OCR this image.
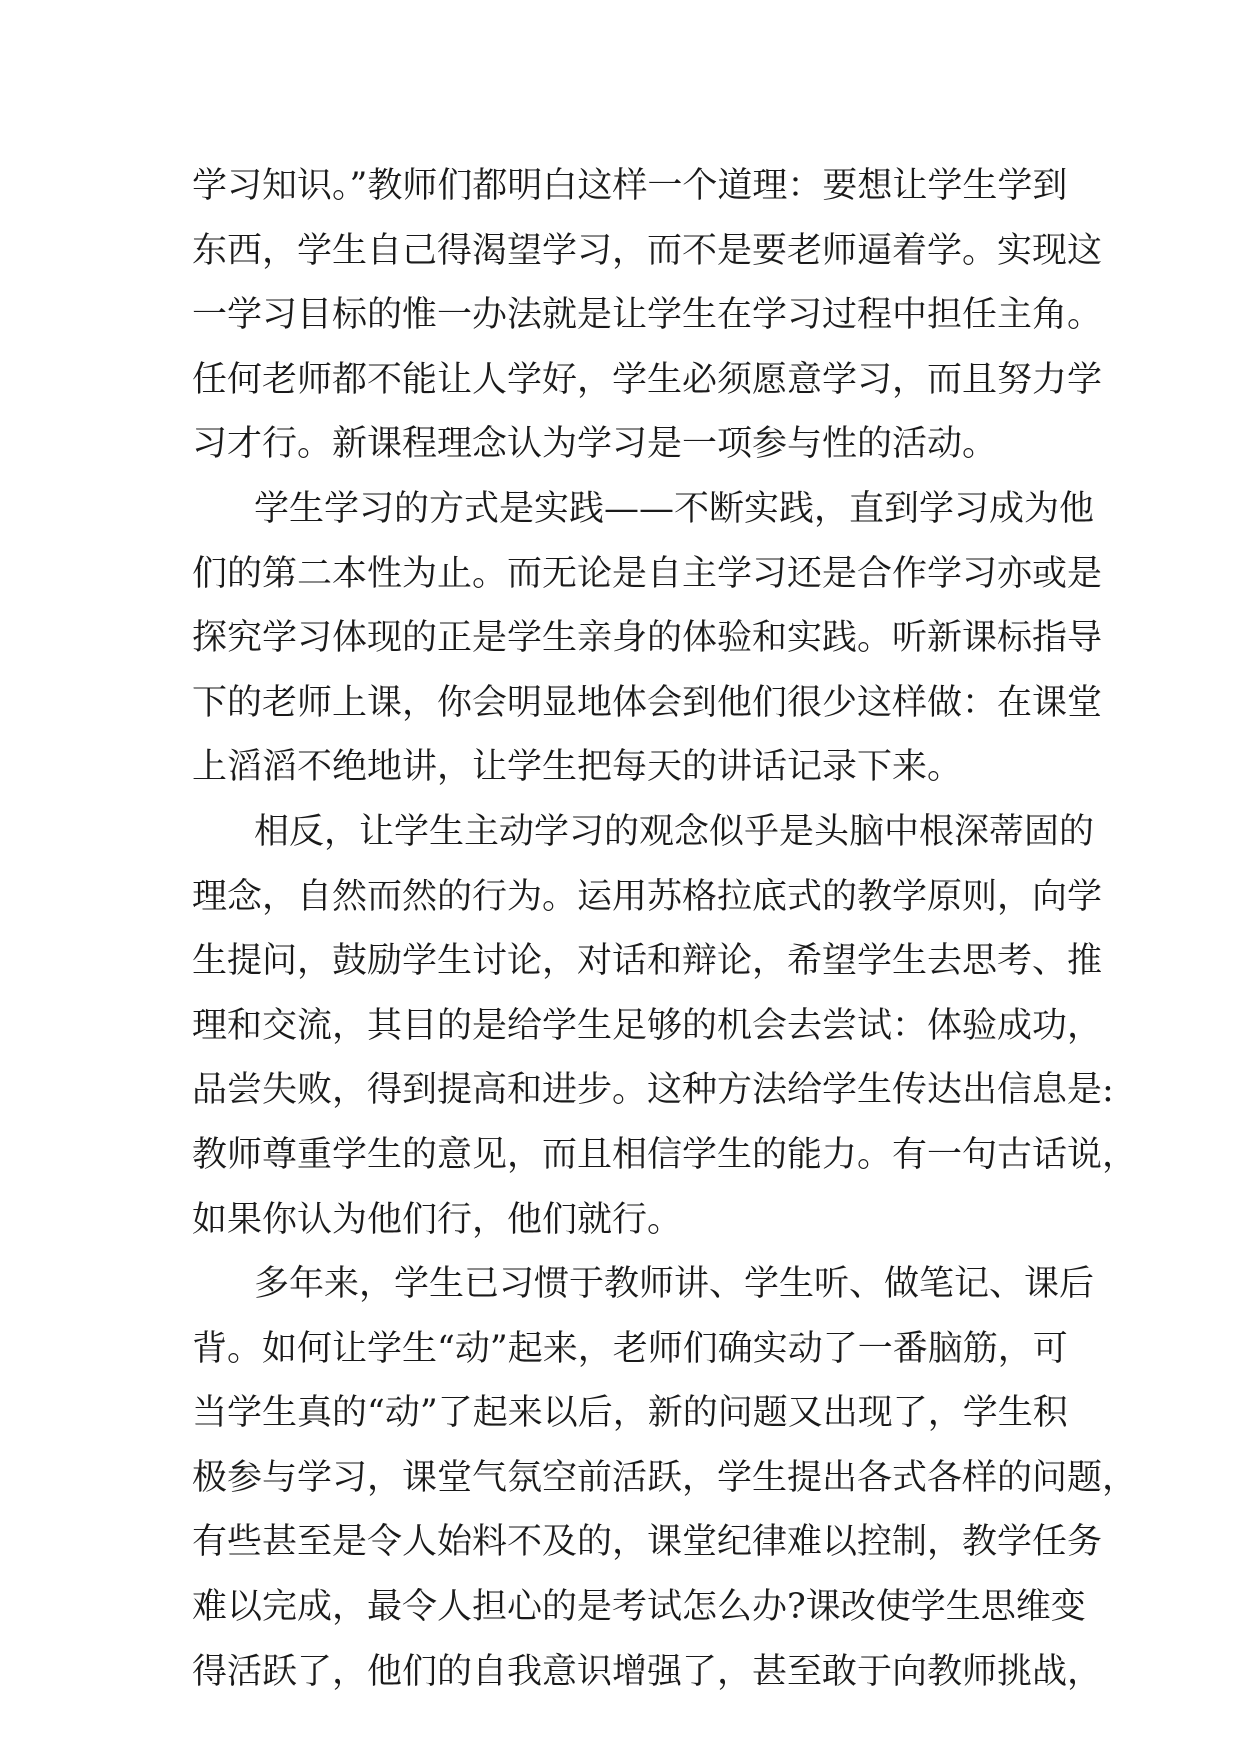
学习知识。”教师们都明白这样一个道理：要想让学生学到
东西，学生自己得渴望学习，而不是要老师逼着学。实现这
一学习目标的惟一办法就是让学生在学习过程中担任主角。
任何老师都不能让人学好，学生必须愿意学习，而且努力学
习才行。新课程理念认为学习是一项参与性的活动。
学生学习的方式是实践——不断实践，直到学习成为他
们的第二本性为止。而无论是自主学习还是合作学习亦或是
探究学习体现的正是学生亲身的体验和实践。听新课标指导
下的老师上课，你会明显地体会到他们很少这样做：在课堂
上滔滔不绝地讲，让学生把每天的讲话记录下来。
相反，让学生主动学习的观念似乎是头脑中根深蒂固的
理念，自然而然的行为。运用苏格拉底式的教学原则，向学
生提问，鼓励学生讨论，对话和辩论，希望学生去思考、推
理和交流，其目的是给学生足够的机会去尝试：体验成功，
品尝失败，得到提高和进步。这种方法给学生传达出信息是:
教师尊重学生的意见，而且相信学生的能力。有一句古话说，
如果你认为他们行，他们就行。
多年来，学生已习惯于教师讲、学生听、做笔记、课后
背。如何让学生“动”起来，老师们确实动了一番脑筋，可
当学生真的“动”了起来以后，新的问题又出现了，学生积
极参与学习，课堂气氛空前活跃，学生提出各式各样的问题，
有些甚至是令人始料不及的，课堂纪律难以控制，教学任务
难以完成，最令人担心的是考试怎么办?课改使学生思维变
得活跃了，他们的自我意识增强了，甚至敢于向教师挑战，
